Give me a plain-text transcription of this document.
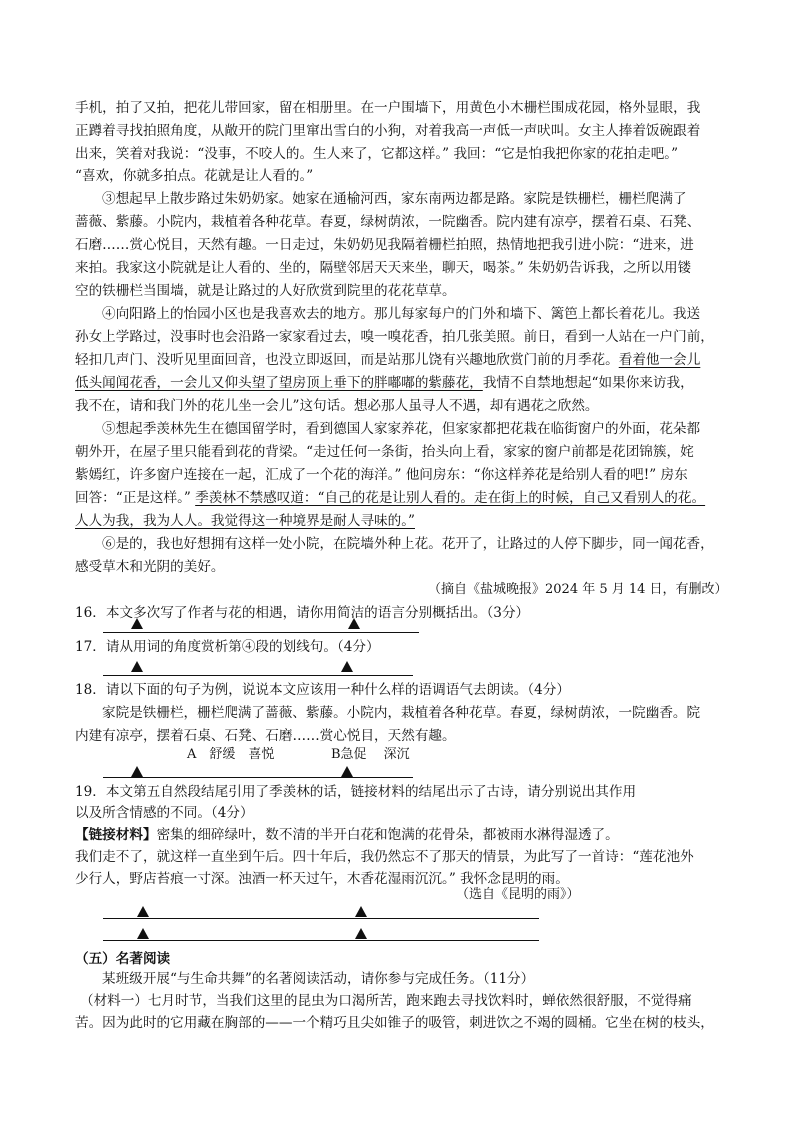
手机，拍了又拍，把花儿带回家，留在相册里。在一户围墙下，用黄色小木栅栏围成花园，格外显眼，我
正蹲着寻找拍照角度，从敞开的院门里窜出雪白的小狗，对着我高一声低一声吠叫。女主人捧着饭碗跟着
出来，笑着对我说：“没事，不咬人的。生人来了，它都这样。” 我回：“它是怕我把你家的花拍走吧。”
“喜欢，你就多拍点。花就是让人看的。”
③想起早上散步路过朱奶奶家。她家在通榆河西，家东南两边都是路。家院是铁栅栏，栅栏爬满了
蔷薇、紫藤。小院内，栽植着各种花草。春夏，绿树荫浓，一院幽香。院内建有凉亭，摆着石桌、石凳、
石磨……赏心悦目，天然有趣。一日走过，朱奶奶见我隔着栅栏拍照，热情地把我引进小院：“进来，进
来拍。我家这小院就是让人看的、坐的，隔壁邻居天天来坐，聊天，喝茶。” 朱奶奶告诉我，之所以用镂
空的铁栅栏当围墙，就是让路过的人好欣赏到院里的花花草草。
④向阳路上的怡园小区也是我喜欢去的地方。那儿每家每户的门外和墙下、篱笆上都长着花儿。我送
孙女上学路过，没事时也会沿路一家家看过去，嗅一嗅花香，拍几张美照。前日，看到一人站在一户门前，
轻扣几声门、没听见里面回音，也没立即返回，而是站那儿饶有兴趣地欣赏门前的月季花。看着他一会儿
低头闻闻花香，一会儿又仰头望了望房顶上垂下的胖嘟嘟的紫藤花，我情不自禁地想起“如果你来访我，
我不在，请和我门外的花儿坐一会儿”这句话。想必那人虽寻人不遇，却有遇花之欣然。
⑤想起季羡林先生在德国留学时，看到德国人家家养花，但家家都把花栽在临街窗户的外面，花朵都
朝外开，在屋子里只能看到花的背梁。“走过任何一条街，抬头向上看，家家的窗户前都是花团锦簇，姹
紫嫣红，许多窗户连接在一起，汇成了一个花的海洋。” 他问房东：“你这样养花是给别人看的吧!” 房东
回答：“正是这样。” 季羡林不禁感叹道：“自己的花是让别人看的。走在街上的时候，自己又看别人的花。
人人为我，我为人人。我觉得这一种境界是耐人寻味的。”
⑥是的，我也好想拥有这样一处小院，在院墙外种上花。花开了，让路过的人停下脚步，同一闻花香，
感受草木和光阴的美好。
（摘自《盐城晚报》2024 年 5 月 14 日，有删改）
16．本文多次写了作者与花的相遇，请你用简洁的语言分别概括出。（3分）
17．请从用词的角度赏析第④段的划线句。（4分）
18．请以下面的句子为例，说说本文应该用一种什么样的语调语气去朗读。（4分）
家院是铁栅栏，栅栏爬满了蔷薇、紫藤。小院内，栽植着各种花草。春夏，绿树荫浓，一院幽香。院
内建有凉亭，摆着石桌、石凳、石磨……赏心悦目，天然有趣。
A　舒缓　喜悦	B急促　 深沉
19．本文第五自然段结尾引用了季羡林的话，链接材料的结尾出示了古诗，请分别说出其作用
以及所含情感的不同。（4分）
【链接材料】密集的细碎绿叶，数不清的半开白花和饱满的花骨朵，都被雨水淋得湿透了。
我们走不了，就这样一直坐到午后。四十年后，我仍然忘不了那天的情景，为此写了一首诗：“莲花池外
少行人，野店苔痕一寸深。浊酒一杯天过午，木香花湿雨沉沉。” 我怀念昆明的雨。
（选自《昆明的雨》）
（五）名著阅读
某班级开展“与生命共舞”的名著阅读活动，请你参与完成任务。（11分）
（材料一）七月时节，当我们这里的昆虫为口渴所苦，跑来跑去寻找饮料时，蝉依然很舒服，不觉得痛
苦。因为此时的它用藏在胸部的——一个精巧且尖如锥子的吸管，刺进饮之不竭的圆桶。它坐在树的枝头，
